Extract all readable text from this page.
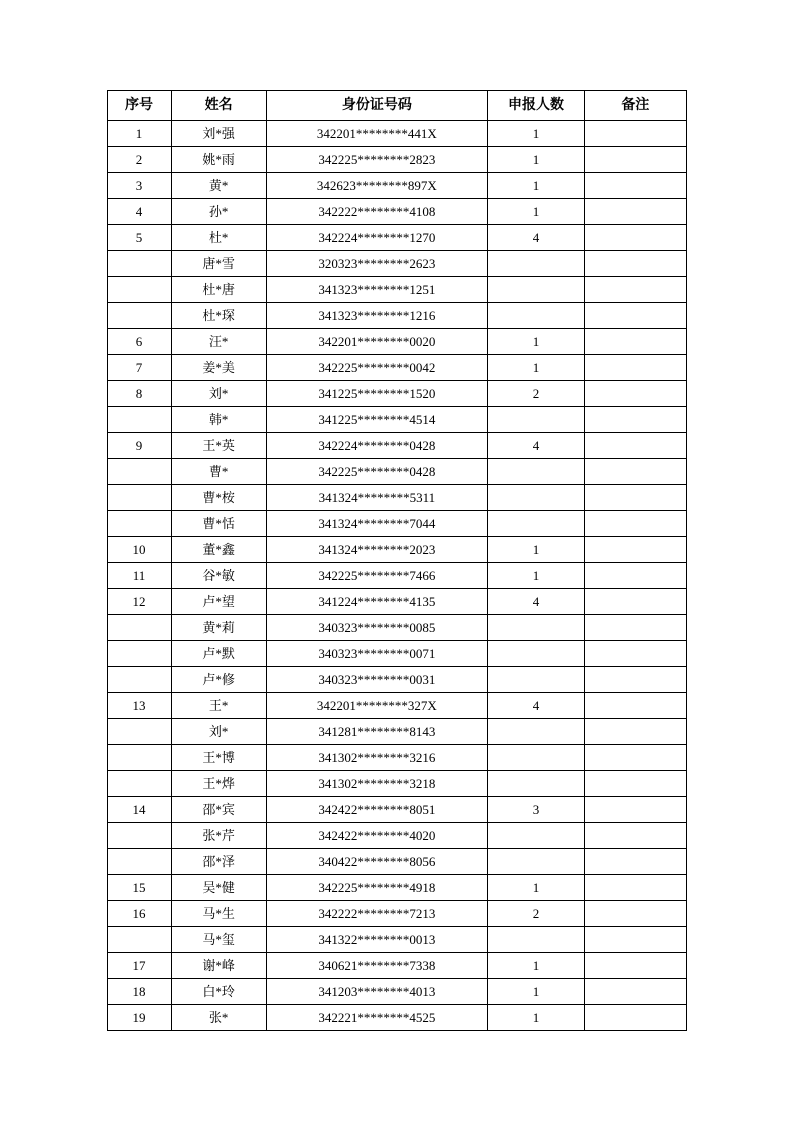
序号	姓名	身份证号码	申报人数	备注
1	刘*强	342201********441X	1	
2	姚*雨	342225********2823	1	
3	黄*	342623********897X	1	
4	孙*	342222********4108	1	
5	杜*	342224********1270	4	
	唐*雪	320323********2623		
	杜*唐	341323********1251		
	杜*琛	341323********1216		
6	汪*	342201********0020	1	
7	姜*美	342225********0042	1	
8	刘*	341225********1520	2	
	韩*	341225********4514		
9	王*英	342224********0428	4	
	曹*	342225********0428		
	曹*桉	341324********5311		
	曹*恬	341324********7044		
10	董*鑫	341324********2023	1	
11	谷*敏	342225********7466	1	
12	卢*望	341224********4135	4	
	黄*莉	340323********0085		
	卢*默	340323********0071		
	卢*修	340323********0031		
13	王*	342201********327X	4	
	刘*	341281********8143		
	王*博	341302********3216		
	王*烨	341302********3218		
14	邵*宾	342422********8051	3	
	张*芹	342422********4020		
	邵*泽	340422********8056		
15	吴*健	342225********4918	1	
16	马*生	342222********7213	2	
	马*玺	341322********0013		
17	谢*峰	340621********7338	1	
18	白*玲	341203********4013	1	
19	张*	342221********4525	1	
